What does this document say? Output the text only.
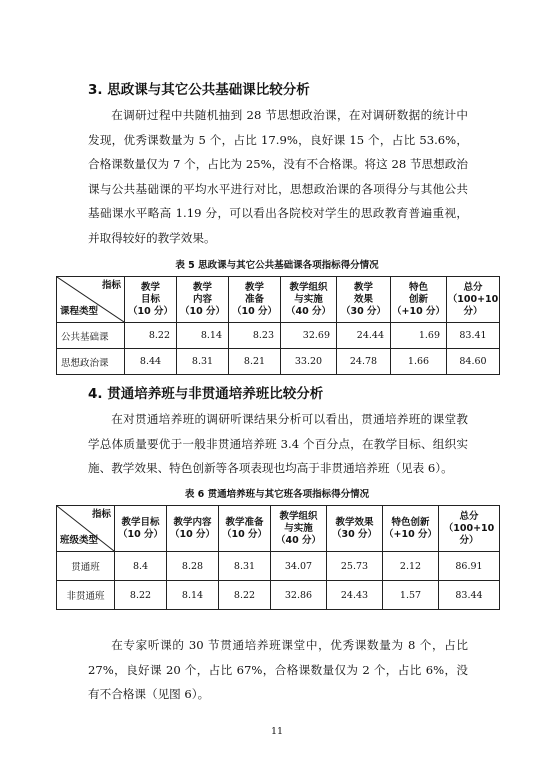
3. 思政课与其它公共基础课比较分析

在调研过程中共随机抽到 28 节思想政治课，在对调研数据的统计中发现，优秀课数量为 5 个，占比 17.9%，良好课 15 个，占比 53.6%，合格课数量仅为 7 个，占比为 25%，没有不合格课。将这 28 节思想政治课与公共基础课的平均水平进行对比，思想政治课的各项得分与其他公共基础课水平略高 1.19 分，可以看出各院校对学生的思政教育普遍重视，并取得较好的教学效果。

表 5 思政课与其它公共基础课各项指标得分情况
指标
课程类型	教学
目标
（10 分）	教学
内容
（10 分）	教学
准备
（10 分）	教学组织
与实施
（40 分）	教学
效果
（30 分）	特色
创新
（+10 分）	总分
（100+10 分）

公共基础课	8.22	8.14	8.23	32.69	24.44	1.69	83.41
思想政治课	8.44	8.31	8.21	33.20	24.78	1.66	84.60
4. 贯通培养班与非贯通培养班比较分析

在对贯通培养班的调研听课结果分析可以看出，贯通培养班的课堂教学总体质量要优于一般非贯通培养班 3.4 个百分点，在教学目标、组织实施、教学效果、特色创新等各项表现也均高于非贯通培养班（见表 6）。

表 6 贯通培养班与其它班各项指标得分情况
指标
班级类型	教学目标
（10 分）	教学内容
（10 分）	教学准备
（10 分）	教学组织
与实施
（40 分）	教学效果
（30 分）	特色创新
（+10 分）	总分
（100+10 分）

贯通班	8.4	8.28	8.31	34.07	25.73	2.12	86.91
非贯通班	8.22	8.14	8.22	32.86	24.43	1.57	83.44

在专家听课的 30 节贯通培养班课堂中，优秀课数量为 8 个，占比 27%，良好课 20 个，占比 67%，合格课数量仅为 2 个，占比 6%，没有不合格课（见图 6）。

11
